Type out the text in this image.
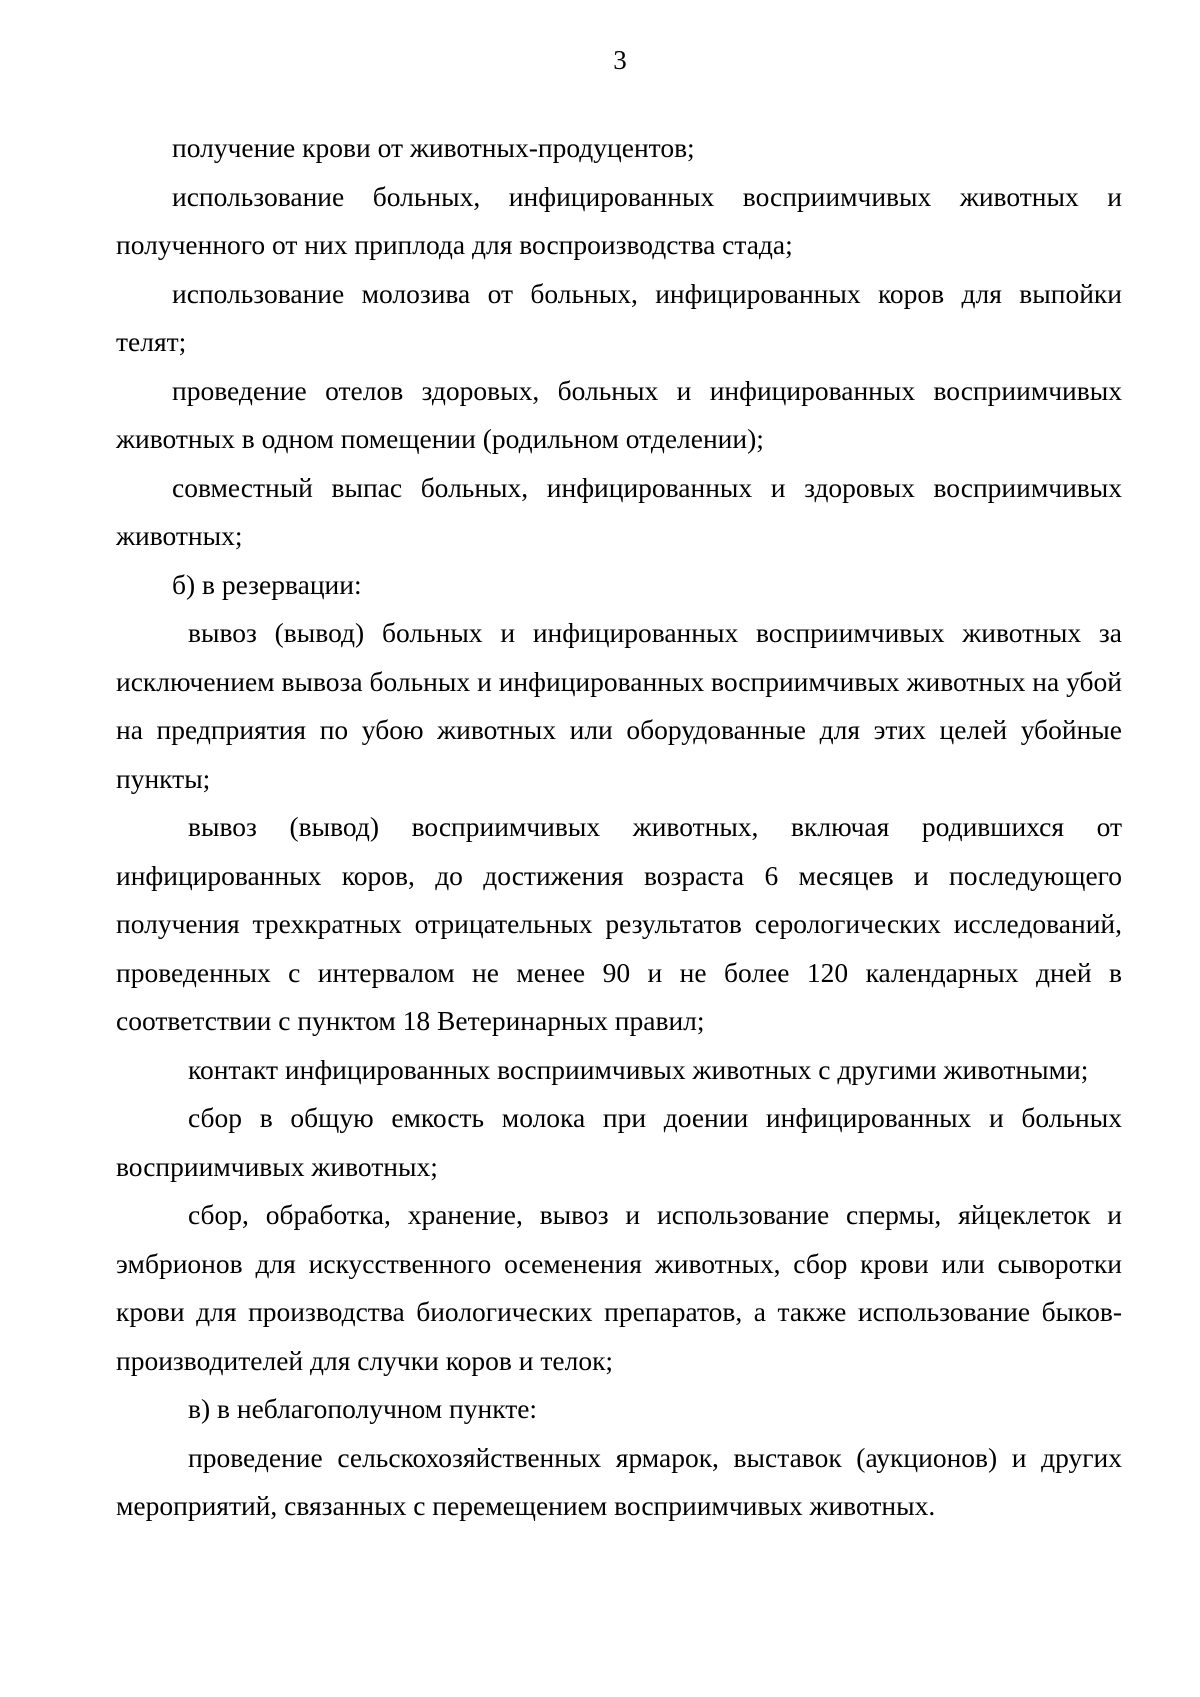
3

получение крови от животных-продуцентов;

использование больных, инфицированных восприимчивых животных и полученного от них приплода для воспроизводства стада;

использование молозива от больных, инфицированных коров для выпойки телят;

проведение отелов здоровых, больных и инфицированных восприимчивых животных в одном помещении (родильном отделении);

совместный выпас больных, инфицированных и здоровых восприимчивых животных;

б) в резервации:

вывоз (вывод) больных и инфицированных восприимчивых животных за исключением вывоза больных и инфицированных восприимчивых животных на убой на предприятия по убою животных или оборудованные для этих целей убойные пункты;

вывоз (вывод) восприимчивых животных, включая родившихся от инфицированных коров, до достижения возраста 6 месяцев и последующего получения трехкратных отрицательных результатов серологических исследований, проведенных с интервалом не менее 90 и не более 120 календарных дней в соответствии с пунктом 18 Ветеринарных правил;

контакт инфицированных восприимчивых животных с другими животными;

сбор в общую емкость молока при доении инфицированных и больных восприимчивых животных;

сбор, обработка, хранение, вывоз и использование спермы, яйцеклеток и эмбрионов для искусственного осеменения животных, сбор крови или сыворотки крови для производства биологических препаратов, а также использование быков-производителей для случки коров и телок;

в) в неблагополучном пункте:

проведение сельскохозяйственных ярмарок, выставок (аукционов) и других мероприятий, связанных с перемещением восприимчивых животных.
